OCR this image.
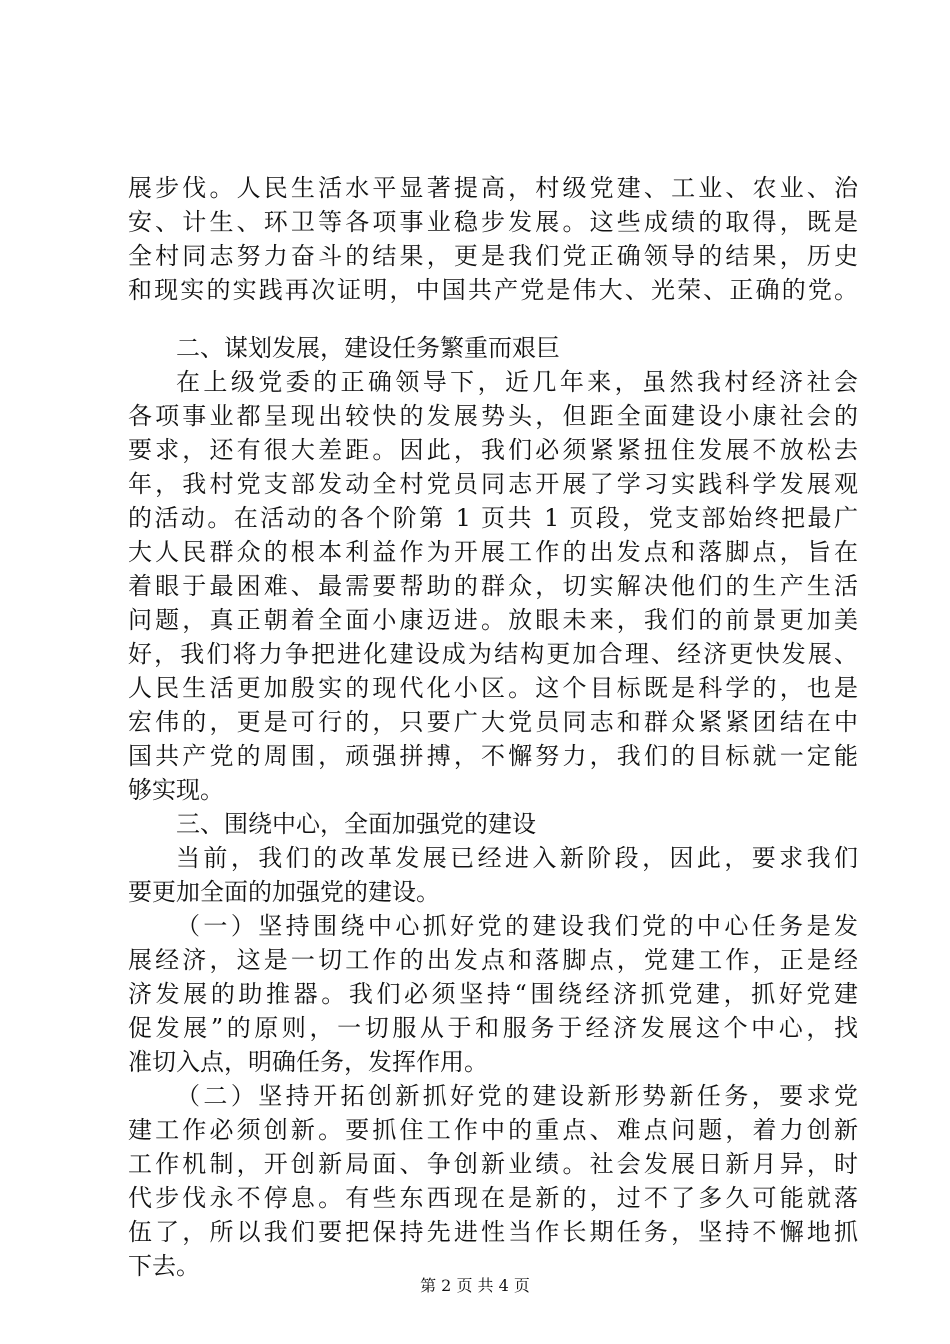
展步伐。人民生活水平显著提高，村级党建、工业、农业、治
安、计生、环卫等各项事业稳步发展。这些成绩的取得，既是
全村同志努力奋斗的结果，更是我们党正确领导的结果，历史
和现实的实践再次证明，中国共产党是伟大、光荣、正确的党。
二、谋划发展，建设任务繁重而艰巨
在上级党委的正确领导下，近几年来，虽然我村经济社会
各项事业都呈现出较快的发展势头，但距全面建设小康社会的
要求，还有很大差距。因此，我们必须紧紧扭住发展不放松去
年，我村党支部发动全村党员同志开展了学习实践科学发展观
的活动。在活动的各个阶第 1 页共 1 页段，党支部始终把最广
大人民群众的根本利益作为开展工作的出发点和落脚点，旨在
着眼于最困难、最需要帮助的群众，切实解决他们的生产生活
问题，真正朝着全面小康迈进。放眼未来，我们的前景更加美
好，我们将力争把进化建设成为结构更加合理、经济更快发展、
人民生活更加殷实的现代化小区。这个目标既是科学的，也是
宏伟的，更是可行的，只要广大党员同志和群众紧紧团结在中
国共产党的周围，顽强拼搏，不懈努力，我们的目标就一定能
够实现。
三、围绕中心，全面加强党的建设
当前，我们的改革发展已经进入新阶段，因此，要求我们
要更加全面的加强党的建设。
（一）坚持围绕中心抓好党的建设我们党的中心任务是发
展经济，这是一切工作的出发点和落脚点，党建工作，正是经
济发展的助推器。我们必须坚持“围绕经济抓党建，抓好党建
促发展”的原则，一切服从于和服务于经济发展这个中心，找
准切入点，明确任务，发挥作用。
（二）坚持开拓创新抓好党的建设新形势新任务，要求党
建工作必须创新。要抓住工作中的重点、难点问题，着力创新
工作机制，开创新局面、争创新业绩。社会发展日新月异，时
代步伐永不停息。有些东西现在是新的，过不了多久可能就落
伍了，所以我们要把保持先进性当作长期任务，坚持不懈地抓
下去。
第 2 页 共 4 页
